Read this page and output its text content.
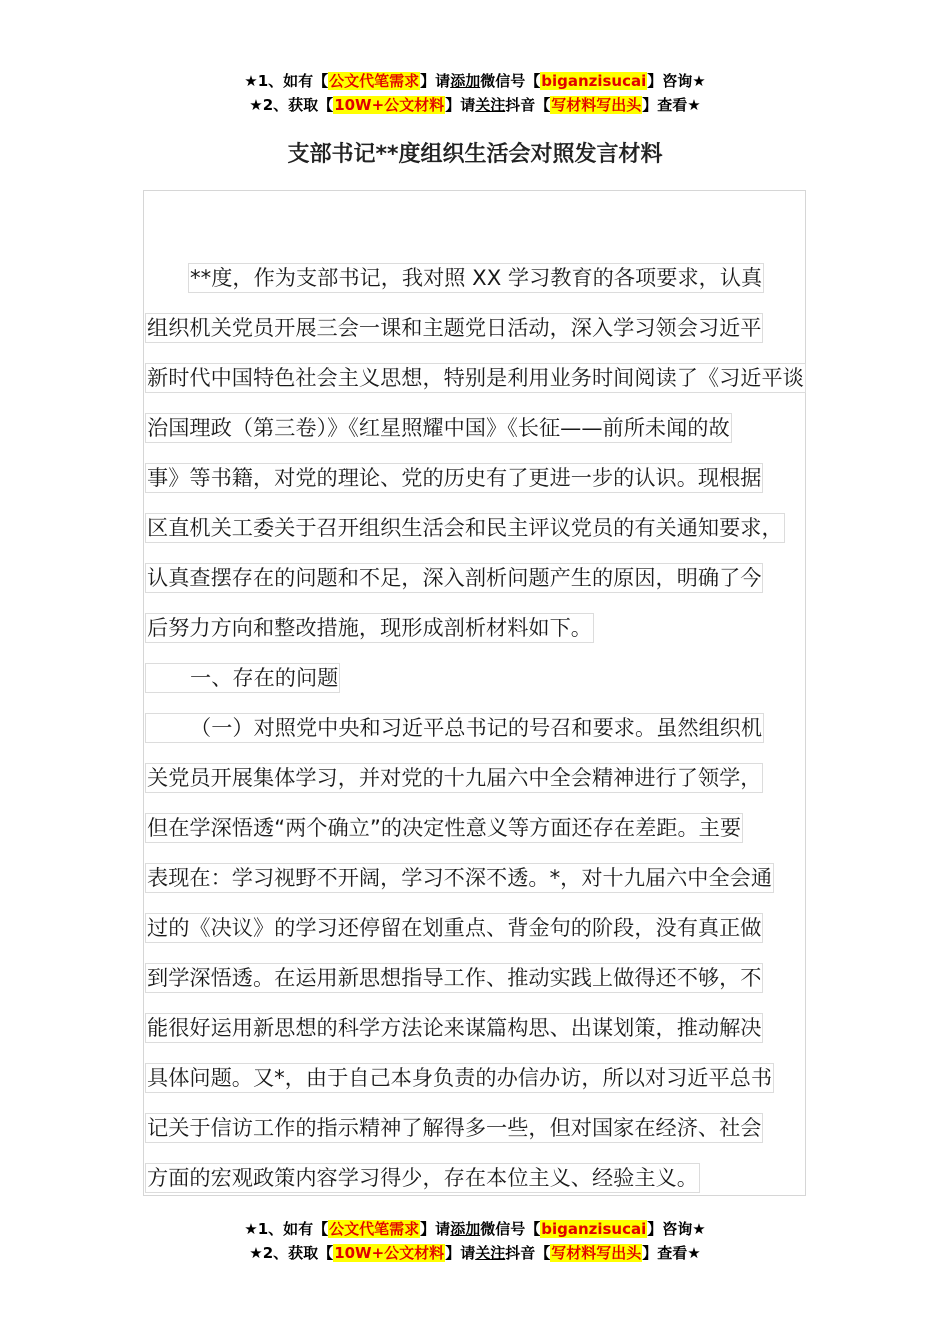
★1、如有【公文代笔需求】请添加微信号【biganzisucai】咨询★
★2、获取【10W+公文材料】请关注抖音【写材料写出头】查看★
支部书记**度组织生活会对照发言材料
**度，作为支部书记，我对照 XX 学习教育的各项要求，认真
组织机关党员开展三会一课和主题党日活动，深入学习领会习近平
新时代中国特色社会主义思想，特别是利用业务时间阅读了《习近平谈
治国理政（第三卷）》《红星照耀中国》《长征——前所未闻的故
事》等书籍，对党的理论、党的历史有了更进一步的认识。现根据
区直机关工委关于召开组织生活会和民主评议党员的有关通知要求，
认真查摆存在的问题和不足，深入剖析问题产生的原因，明确了今
后努力方向和整改措施，现形成剖析材料如下。
一、存在的问题
（一）对照党中央和习近平总书记的号召和要求。虽然组织机
关党员开展集体学习，并对党的十九届六中全会精神进行了领学，
但在学深悟透“两个确立”的决定性意义等方面还存在差距。主要
表现在：学习视野不开阔，学习不深不透。*，对十九届六中全会通
过的《决议》的学习还停留在划重点、背金句的阶段，没有真正做
到学深悟透。在运用新思想指导工作、推动实践上做得还不够，不
能很好运用新思想的科学方法论来谋篇构思、出谋划策，推动解决
具体问题。又*，由于自己本身负责的办信办访，所以对习近平总书
记关于信访工作的指示精神了解得多一些，但对国家在经济、社会
方面的宏观政策内容学习得少，存在本位主义、经验主义。
★1、如有【公文代笔需求】请添加微信号【biganzisucai】咨询★
★2、获取【10W+公文材料】请关注抖音【写材料写出头】查看★
